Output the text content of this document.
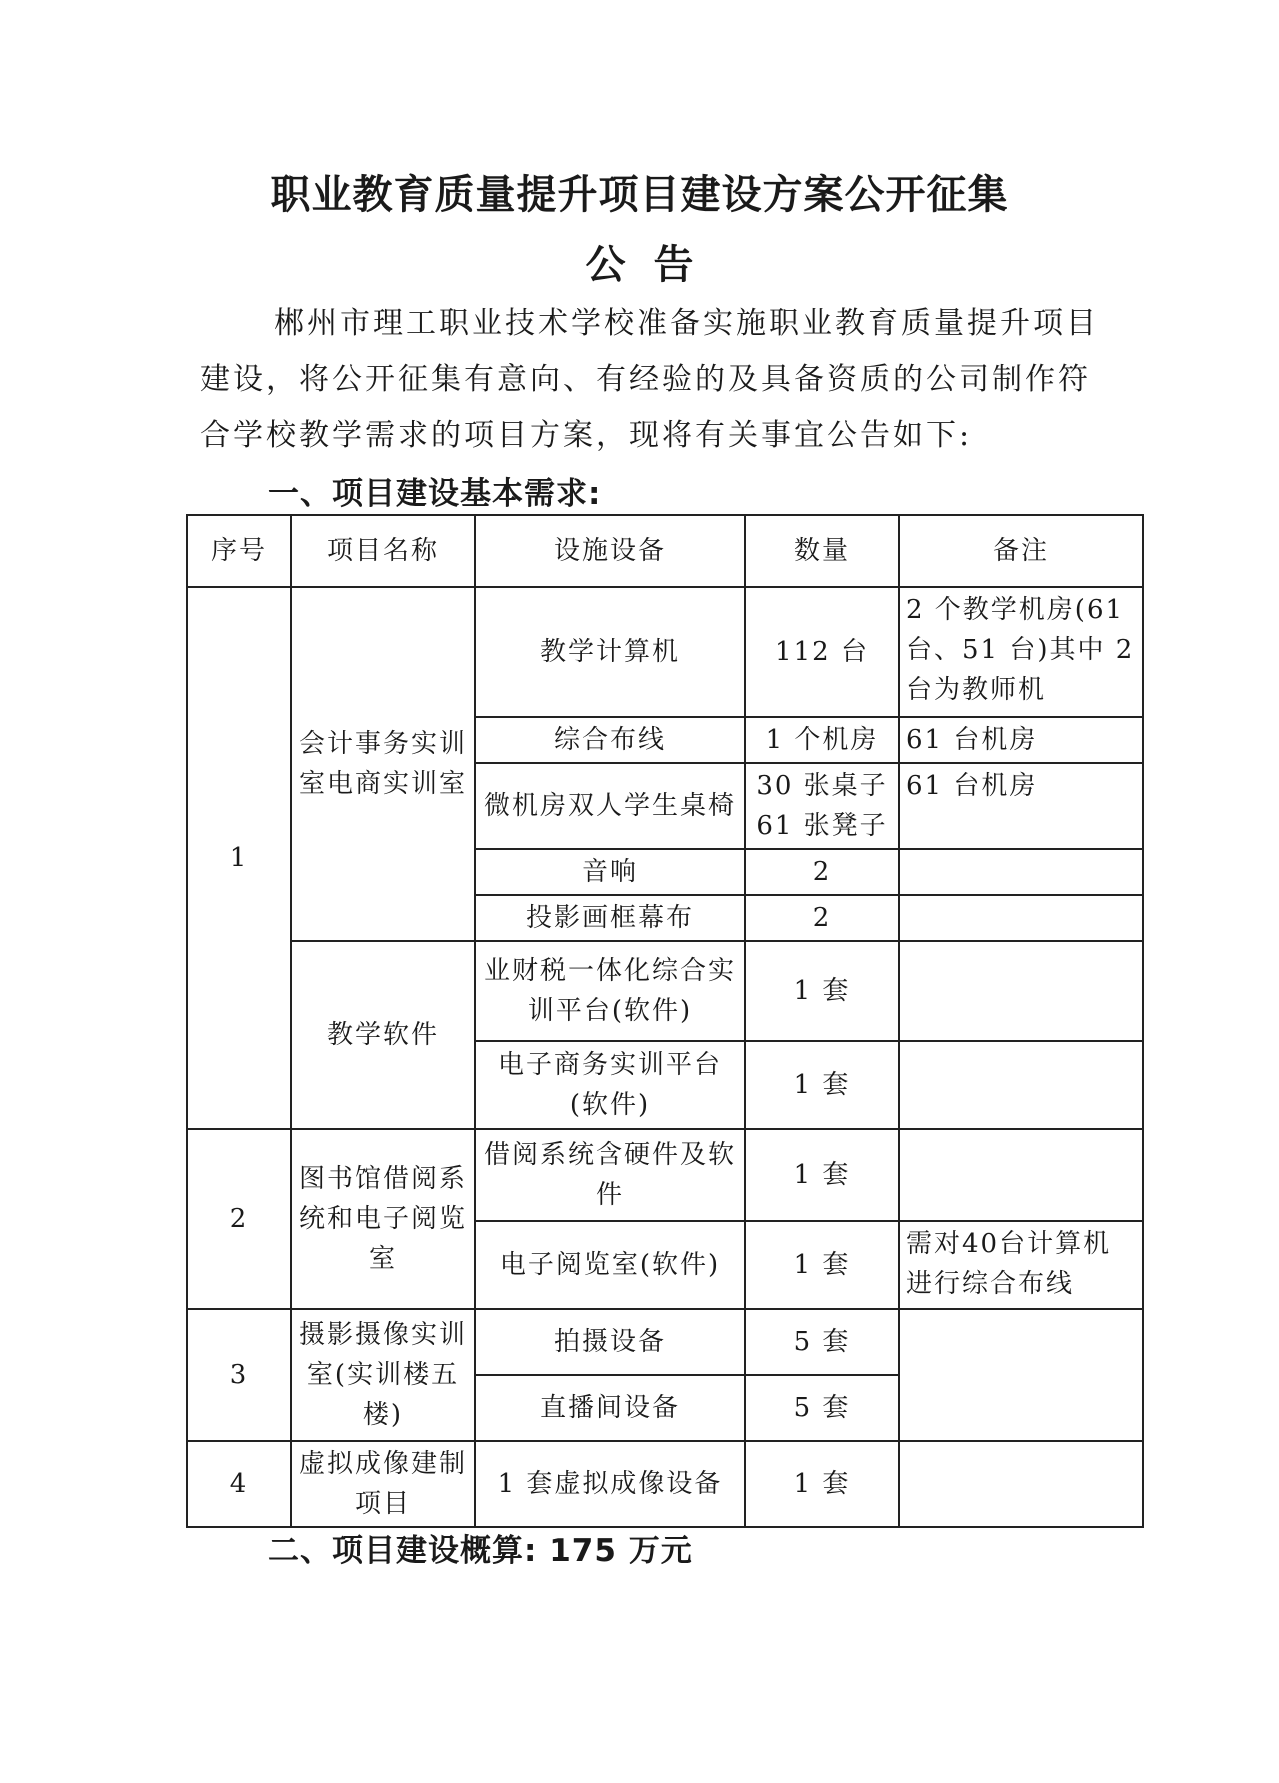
职业教育质量提升项目建设方案公开征集
公告
郴州市理工职业技术学校准备实施职业教育质量提升项目建设，将公开征集有意向、有经验的及具备资质的公司制作符合学校教学需求的项目方案，现将有关事宜公告如下:
一、项目建设基本需求:
序号	项目名称	设施设备	数量	备注
1	会计事务实训室电商实训室	教学计算机	112 台	2 个教学机房(61 台、51 台)其中 2 台为教师机
		综合布线	1 个机房	61 台机房
		微机房双人学生桌椅	30 张桌子 61 张凳子	61 台机房
		音响	2	
		投影画框幕布	2	
	教学软件	业财税一体化综合实训平台(软件)	1 套	
		电子商务实训平台(软件)	1 套	
2	图书馆借阅系统和电子阅览室	借阅系统含硬件及软件	1 套	
		电子阅览室(软件)	1 套	需对40台计算机进行综合布线
3	摄影摄像实训室(实训楼五楼)	拍摄设备	5 套	
		直播间设备	5 套	
4	虚拟成像建制项目	1 套虚拟成像设备	1 套	
二、项目建设概算: 175 万元
